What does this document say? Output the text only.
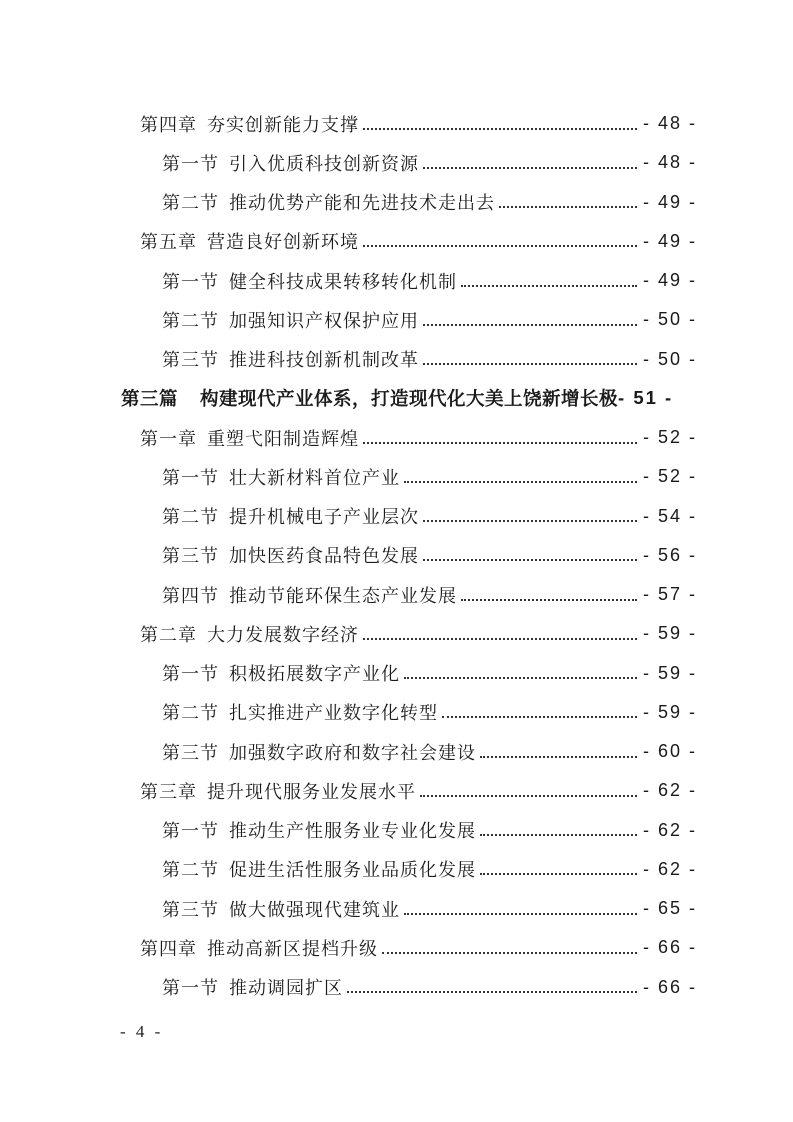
第四章 夯实创新能力支撑	- 48 -
第一节 引入优质科技创新资源	- 48 -
第二节 推动优势产能和先进技术走出去	- 49 -
第五章 营造良好创新环境	- 49 -
第一节 健全科技成果转移转化机制	- 49 -
第二节 加强知识产权保护应用	- 50 -
第三节 推进科技创新机制改革	- 50 -
第三篇 构建现代产业体系，打造现代化大美上饶新增长极 - 51 -
第一章 重塑弋阳制造辉煌	- 52 -
第一节 壮大新材料首位产业	- 52 -
第二节 提升机械电子产业层次	- 54 -
第三节 加快医药食品特色发展	- 56 -
第四节 推动节能环保生态产业发展	- 57 -
第二章 大力发展数字经济	- 59 -
第一节 积极拓展数字产业化	- 59 -
第二节 扎实推进产业数字化转型	- 59 -
第三节 加强数字政府和数字社会建设	- 60 -
第三章 提升现代服务业发展水平	- 62 -
第一节 推动生产性服务业专业化发展	- 62 -
第二节 促进生活性服务业品质化发展	- 62 -
第三节 做大做强现代建筑业	- 65 -
第四章 推动高新区提档升级	- 66 -
第一节 推动调园扩区	- 66 -
- 4 -
